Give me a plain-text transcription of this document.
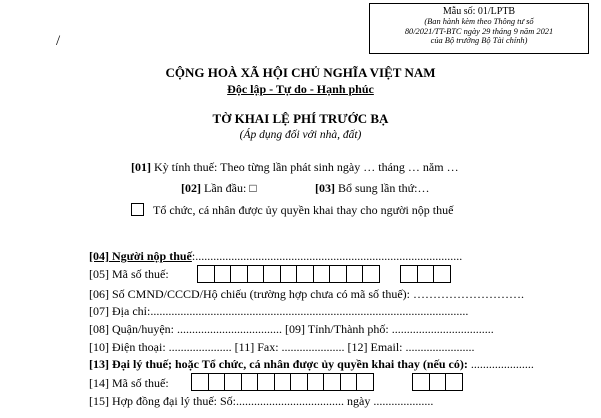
Mẫu số: 01/LPTB
(Ban hành kèm theo Thông tư số
80/2021/TT-BTC ngày 29 tháng 9 năm 2021
của Bộ trưởng Bộ Tài chính)
/
CỘNG HOÀ XÃ HỘI CHỦ NGHĨA VIỆT NAM
Độc lập - Tự do - Hạnh phúc
TỜ KHAI LỆ PHÍ TRƯỚC BẠ
(Áp dụng đối với nhà, đất)
[01] Kỳ tính thuế: Theo từng lần phát sinh ngày … tháng … năm …
[02] Lần đầu: □	[03] Bổ sung lần thứ:…
Tổ chức, cá nhân được ủy quyền khai thay cho người nộp thuế
[04] Người nộp thuế:.........................................................................................
[05] Mã số thuế:
[06] Số CMND/CCCD/Hộ chiếu (trường hợp chưa có mã số thuế): ……………………….
[07] Địa chỉ:..........................................................................................................
[08] Quận/huyện: ................................... [09] Tỉnh/Thành phố: ..................................
[10] Điện thoại: ..................... [11] Fax: ..................... [12] Email: .......................
[13] Đại lý thuế; hoặc Tổ chức, cá nhân được ủy quyền khai thay (nếu có): .....................
[14] Mã số thuế:
[15] Hợp đồng đại lý thuế: Số:.................................... ngày ....................
